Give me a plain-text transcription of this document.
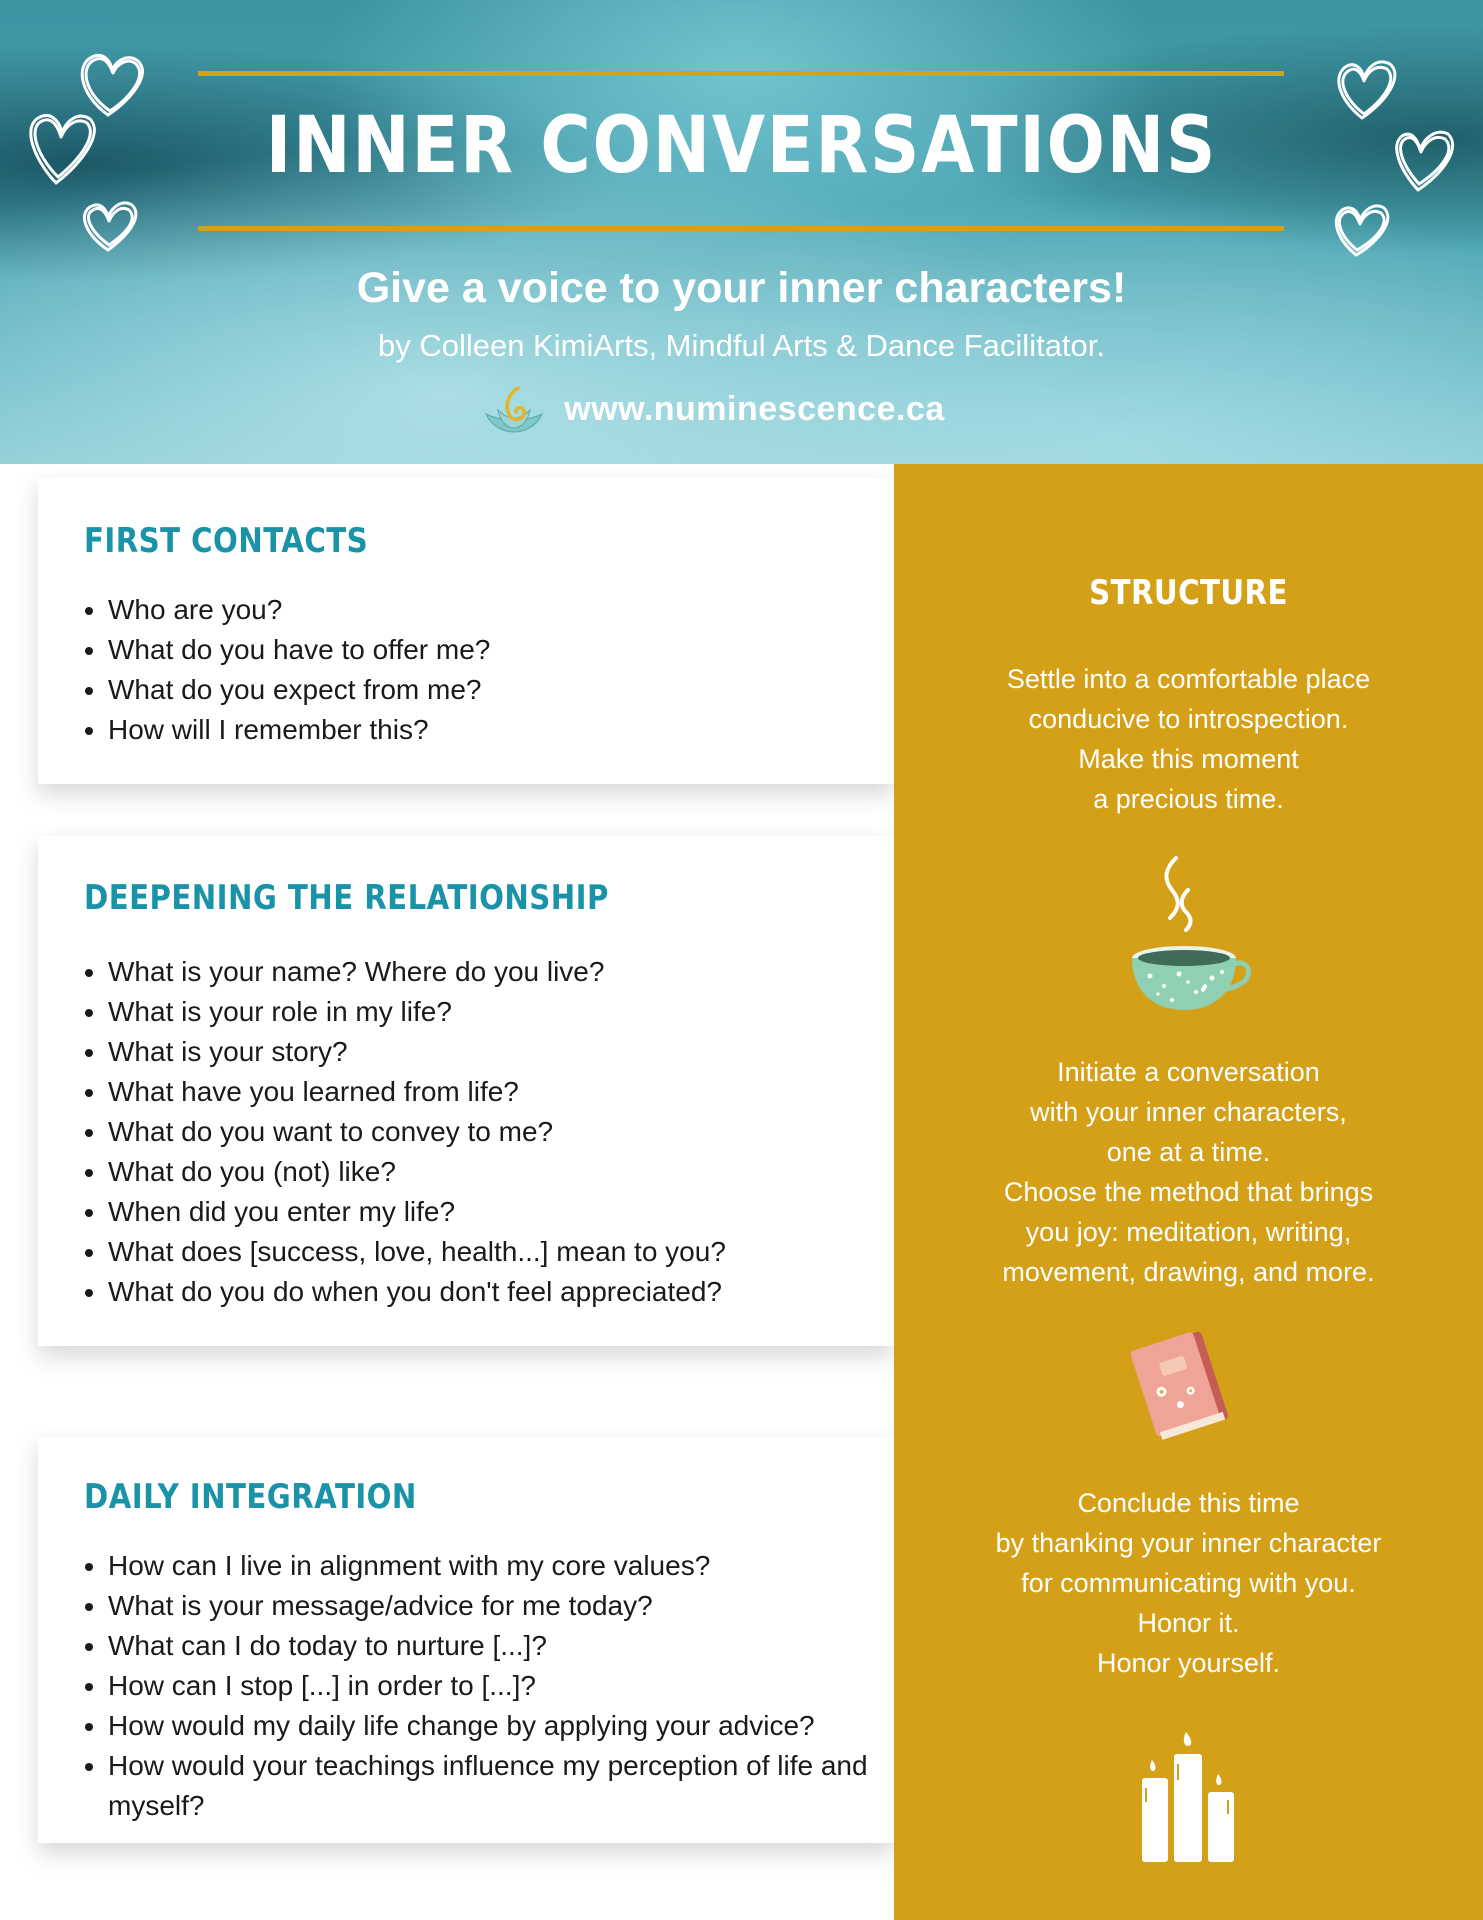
INNER CONVERSATIONS
Give a voice to your inner characters!
by Colleen KimiArts, Mindful Arts & Dance Facilitator.
www.numinescence.ca
FIRST CONTACTS
• Who are you?
• What do you have to offer me?
• What do you expect from me?
• How will I remember this?
DEEPENING THE RELATIONSHIP
• What is your name? Where do you live?
• What is your role in my life?
• What is your story?
• What have you learned from life?
• What do you want to convey to me?
• What do you (not) like?
• When did you enter my life?
• What does [success, love, health...] mean to you?
• What do you do when you don't feel appreciated?
DAILY INTEGRATION
• How can I live in alignment with my core values?
• What is your message/advice for me today?
• What can I do today to nurture [...]?
• How can I stop [...] in order to [...]?
• How would my daily life change by applying your advice?
• How would your teachings influence my perception of life and myself?
STRUCTURE
Settle into a comfortable place
conducive to introspection.
Make this moment
a precious time.
Initiate a conversation
with your inner characters,
one at a time.
Choose the method that brings
you joy: meditation, writing,
movement, drawing, and more.
Conclude this time
by thanking your inner character
for communicating with you.
Honor it.
Honor yourself.
